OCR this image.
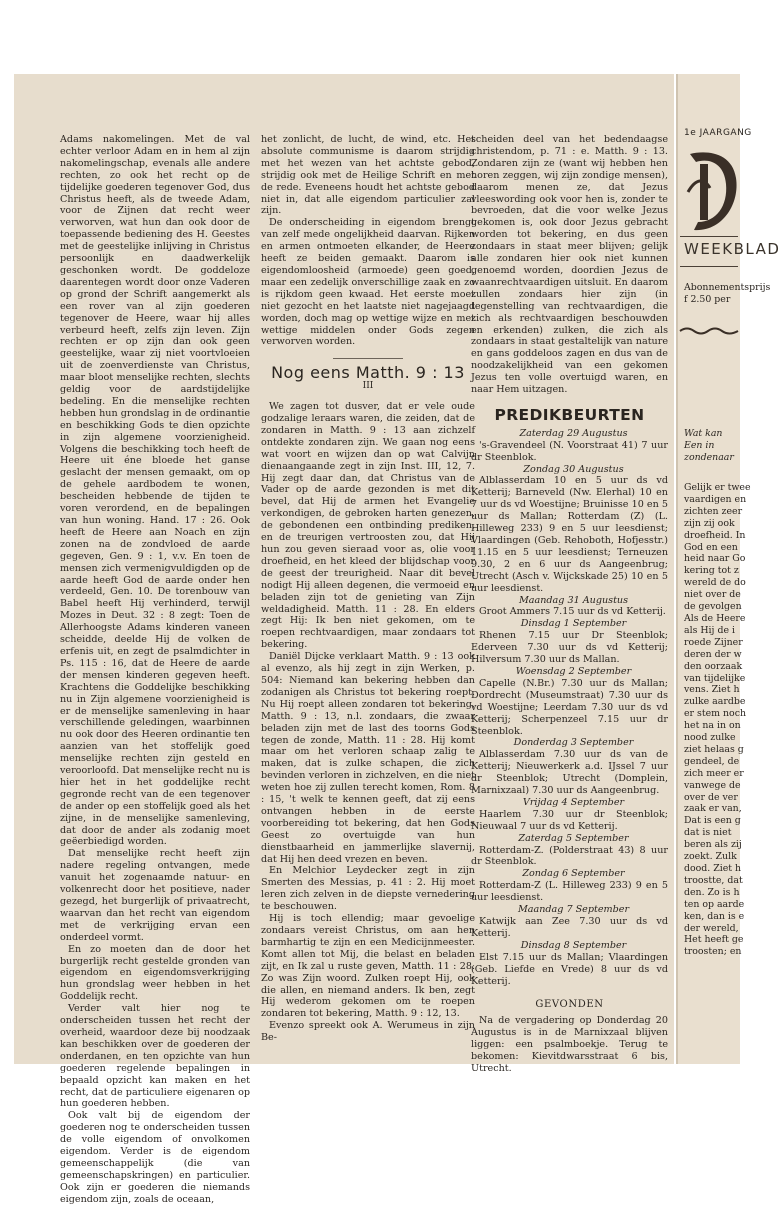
Adams nakomelingen. Met de val echter verloor Adam en in hem al zijn nakomelingschap, evenals alle andere rechten, zo ook het recht op de tijdelijke goederen tegenover God, dus Christus heeft, als de tweede Adam, voor de Zijnen dat recht weer verworven, wat hun dan ook door de toepassende bediening des H. Geestes met de geestelijke inlijving in Christus persoonlijk en daadwerkelijk geschonken wordt. De goddeloze daarentegen wordt door onze Vaderen op grond der Schrift aangemerkt als een rover van al zijn goederen tegenover de Heere, waar hij alles verbeurd heeft, zelfs zijn leven. Zijn rechten er op zijn dan ook geen geestelijke, waar zij niet voortvloeien uit de zoenverdienste van Christus, maar bloot menselijke rechten, slechts geldig voor de aardstijdelijke bedeling. En die menselijke rechten hebben hun grondslag in de ordinantie en beschikking Gods te dien opzichte in zijn algemene voorzienigheid. Volgens die beschikking toch heeft de Heere uit éne bloede het ganse geslacht der mensen gemaakt, om op de gehele aardbodem te wonen, bescheiden hebbende de tijden te voren verordend, en de bepalingen van hun woning. Hand. 17 : 26. Ook heeft de Heere aan Noach en zijn zonen na de zondvloed de aarde gegeven, Gen. 9 : 1, v.v. En toen de mensen zich vermenigvuldigden op de aarde heeft God de aarde onder hen verdeeld, Gen. 10. De torenbouw van Babel heeft Hij verhinderd, terwijl Mozes in Deut. 32 : 8 zegt: Toen de Allerhoogste Adams kinderen vaneen scheidde, deelde Hij de volken de erfenis uit, en zegt de psalmdichter in Ps. 115 : 16, dat de Heere de aarde der mensen kinderen gegeven heeft. Krachtens die Goddelijke beschikking nu in Zijn algemene voorzienigheid is er de menselijke samenleving in haar verschillende geledingen, waarbinnen nu ook door des Heeren ordinantie ten aanzien van het stoffelijk goed menselijke rechten zijn gesteld en veroorloofd. Dat menselijke recht nu is hier het in het goddelijke recht gegronde recht van de een tegenover de ander op een stoffelijk goed als het zijne, in de menselijke samenleving, dat door de ander als zodanig moet geëerbiedigd worden.

Dat menselijke recht heeft zijn nadere regeling ontvangen, mede vanuit het zogenaamde natuur- en volkenrecht door het positieve, nader gezegd, het burgerlijk of privaatrecht, waarvan dan het recht van eigendom met de verkrijging ervan een onderdeel vormt.

En zo moeten dan de door het burgerlijk recht gestelde gronden van eigendom en eigendomsverkrijging hun grondslag weer hebben in het Goddelijk recht.

Verder valt hier nog te onderscheiden tussen het recht der overheid, waardoor deze bij noodzaak kan beschikken over de goederen der onderdanen, en ten opzichte van hun goederen regelende bepalingen in bepaald opzicht kan maken en het recht, dat de particuliere eigenaren op hun goederen hebben.

Ook valt bij de eigendom der goederen nog te onderscheiden tussen de volle eigendom of onvolkomen eigendom. Verder is de eigendom gemeenschappelijk (die van gemeenschapskringen) en particulier. Ook zijn er goederen die niemands eigendom zijn, zoals de oceaan,

het zonlicht, de lucht, de wind, etc. Het absolute communisme is daarom strijdig met het wezen van het achtste gebod, strijdig ook met de Heilige Schrift en met de rede. Eveneens houdt het achtste gebod niet in, dat alle eigendom particulier zal zijn.

De onderscheiding in eigendom brengt van zelf mede ongelijkheid daarvan. Rijken en armen ontmoeten elkander, de Heere heeft ze beiden gemaakt. Daarom is eigendomloosheid (armoede) geen goed, maar een zedelijk onverschillige zaak en zo is rijkdom geen kwaad. Het eerste moet niet gezocht en het laatste niet nagejaagd worden, doch mag op wettige wijze en met wettige middelen onder Gods zegen verworven worden.

Nog eens Matth. 9 : 13
III

We zagen tot dusver, dat er vele oude godzalige leraars waren, die zeiden, dat de zondaren in Matth. 9 : 13 aan zichzelf ontdekte zondaren zijn. We gaan nog eens wat voort en wijzen dan op wat Calvijn dienaangaande zegt in zijn Inst. III, 12, 7. Hij zegt daar dan, dat Christus van de Vader op de aarde gezonden is met dit bevel, dat Hij de armen het Evangelie verkondigen, de gebroken harten genezen, de gebondenen een ontbinding prediken, en de treurigen vertroosten zou, dat Hij hun zou geven sieraad voor as, olie voor droefheid, en het kleed der blijdschap voor de geest der treurigheid. Naar dit bevel nodigt Hij alleen degenen, die vermoeid en beladen zijn tot de genieting van Zijn weldadigheid. Matth. 11 : 28. En elders zegt Hij: Ik ben niet gekomen, om te roepen rechtvaardigen, maar zondaars tot bekering.

Daniël Dijcke verklaart Matth. 9 : 13 ook al evenzo, als hij zegt in zijn Werken, p. 504: Niemand kan bekering hebben dan zodanigen als Christus tot bekering roept. Nu Hij roept alleen zondaren tot bekering, Matth. 9 : 13, n.l. zondaars, die zwaar beladen zijn met de last des toorns Gods tegen de zonde, Matth. 11 : 28. Hij komt maar om het verloren schaap zalig te maken, dat is zulke schapen, die zich bevinden verloren in zichzelven, en die niet weten hoe zij zullen terecht komen, Rom. 8 : 15, 't welk te kennen geeft, dat zij eens ontvangen hebben in de eerste voorbereiding tot bekering, dat hen Gods Geest zo overtuigde van hun dienstbaarheid en jammerlijke slavernij, dat Hij hen deed vrezen en beven.

En Melchior Leydecker zegt in zijn Smerten des Messias, p. 41 : 2. Hij moet leren zich zelven in de diepste vernedering te beschouwen.

Hij is toch ellendig; maar gevoelige zondaars vereist Christus, om aan hen barmhartig te zijn en een Medicijnmeester. Komt allen tot Mij, die belast en beladen zijt, en Ik zal u ruste geven, Matth. 11 : 28. Zo was Zijn woord. Zulken roept Hij, ook die allen, en niemand anders. Ik ben, zegt Hij wederom gekomen om te roepen zondaren tot bekering, Matth. 9 : 12, 13.

Evenzo spreekt ook A. Werumeus in zijn Be-

scheiden deel van het bedendaagse christendom, p. 71 : e. Matth. 9 : 13. Zondaren zijn ze (want wij hebben hen horen zeggen, wij zijn zondige mensen), daarom menen ze, dat Jezus vleeswording ook voor hen is, zonder te bevroeden, dat die voor welke Jezus gekomen is, ook door Jezus gebracht worden tot bekering, en dus geen zondaars in staat meer blijven; gelijk alle zondaren hier ook niet kunnen genoemd worden, doordien Jezus de waanrechtvaardigen uitsluit. En daarom zullen zondaars hier zijn (in tegenstelling van rechtvaardigen, die zich als rechtvaardigen beschouwden en erkenden) zulken, die zich als zondaars in staat gestaltelijk van nature en gans goddeloos zagen en dus van de noodzakelijkheid van een gekomen Jezus ten volle overtuigd waren, en naar Hem uitzagen.

PREDIKBEURTEN

Zaterdag 29 Augustus

's-Gravendeel (N. Voorstraat 41) 7 uur dr Steenblok.

Zondag 30 Augustus

Alblasserdam 10 en 5 uur ds vd Ketterij; Barneveld (Nw. Elerhal) 10 en 7 uur ds vd Woestijne; Bruinisse 10 en 5 uur ds Mallan; Rotterdam (Z) (L. Hilleweg 233) 9 en 5 uur leesdienst; Vlaardingen (Geb. Rehoboth, Hofjesstr.) 11.15 en 5 uur leesdienst; Terneuzen 9.30, 2 en 6 uur ds Aangeenbrug; Utrecht (Asch v. Wijckskade 25) 10 en 5 uur leesdienst.

Maandag 31 Augustus

Groot Ammers 7.15 uur ds vd Ketterij.

Dinsdag 1 September

Rhenen 7.15 uur Dr Steenblok; Ederveen 7.30 uur ds vd Ketterij; Hilversum 7.30 uur ds Mallan.

Woensdag 2 September

Capelle (N.Br.) 7.30 uur ds Mallan; Dordrecht (Museumstraat) 7.30 uur ds vd Woestijne; Leerdam 7.30 uur ds vd Ketterij; Scherpenzeel 7.15 uur dr Steenblok.

Donderdag 3 September

Alblasserdam 7.30 uur ds van de Ketterij; Nieuwerkerk a.d. IJssel 7 uur dr Steenblok; Utrecht (Domplein, Marnixzaal) 7.30 uur ds Aangeenbrug.

Vrijdag 4 September

Haarlem 7.30 uur dr Steenblok; Nieuwaal 7 uur ds vd Ketterij.

Zaterdag 5 September

Rotterdam-Z. (Polderstraat 43) 8 uur dr Steenblok.

Zondag 6 September

Rotterdam-Z (L. Hilleweg 233) 9 en 5 uur leesdienst.

Maandag 7 September

Katwijk aan Zee 7.30 uur ds vd Ketterij.

Dinsdag 8 September

Elst 7.15 uur ds Mallan; Vlaardingen (Geb. Liefde en Vrede) 8 uur ds vd Ketterij.

GEVONDEN

Na de vergadering op Donderdag 20 Augustus is in de Marnixzaal blijven liggen: een psalmboekje. Terug te bekomen: Kievitdwarsstraat 6 bis, Utrecht.

1e JAARGANG
WEEKBLAD
Abonnementsprijs
f 2.50 per
Wat kan
Een in
zondenaar
Gelijk er twee
vaardigen en
zichten zeer
zijn zij ook
droefheid. In
God en een
heid naar Go
kering tot z
wereld de do
niet over de
de gevolgen
Als de Heere
als Hij de i
roede Zijner
deren der w
den oorzaak
van tijdelijke
vens. Ziet h
zulke aardbe
er stem noch
het na in on
nood zulke
ziet helaas g
gendeel, de
zich meer er
vanwege de
over de ver
zaak er van,
Dat is een g
dat is niet
beren als zij
zoekt. Zulk
dood. Ziet h
troostte, dat
den. Zo is h
ten op aarde
ken, dan is e
der wereld,
Het heeft ge
troosten; en
